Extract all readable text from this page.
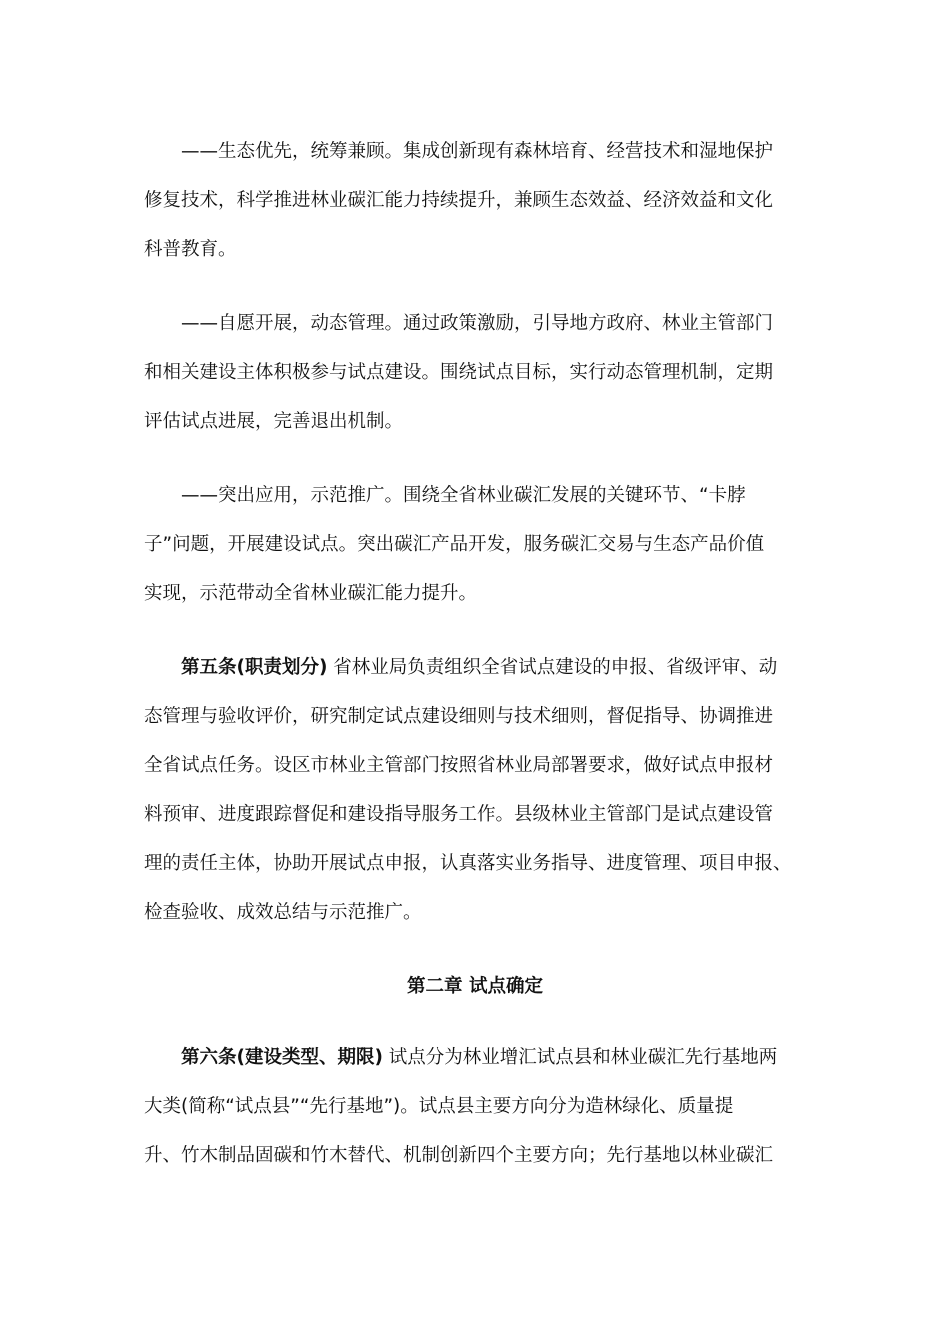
——生态优先，统筹兼顾。集成创新现有森林培育、经营技术和湿地保护

修复技术，科学推进林业碳汇能力持续提升，兼顾生态效益、经济效益和文化

科普教育。

——自愿开展，动态管理。通过政策激励，引导地方政府、林业主管部门

和相关建设主体积极参与试点建设。围绕试点目标，实行动态管理机制，定期

评估试点进展，完善退出机制。

——突出应用，示范推广。围绕全省林业碳汇发展的关键环节、“卡脖

子”问题，开展建设试点。突出碳汇产品开发，服务碳汇交易与生态产品价值

实现，示范带动全省林业碳汇能力提升。

第五条(职责划分) 省林业局负责组织全省试点建设的申报、省级评审、动

态管理与验收评价，研究制定试点建设细则与技术细则，督促指导、协调推进

全省试点任务。设区市林业主管部门按照省林业局部署要求，做好试点申报材

料预审、进度跟踪督促和建设指导服务工作。县级林业主管部门是试点建设管

理的责任主体，协助开展试点申报，认真落实业务指导、进度管理、项目申报、

检查验收、成效总结与示范推广。

第二章 试点确定

第六条(建设类型、期限) 试点分为林业增汇试点县和林业碳汇先行基地两

大类(简称“试点县”“先行基地”)。试点县主要方向分为造林绿化、质量提

升、竹木制品固碳和竹木替代、机制创新四个主要方向；先行基地以林业碳汇
